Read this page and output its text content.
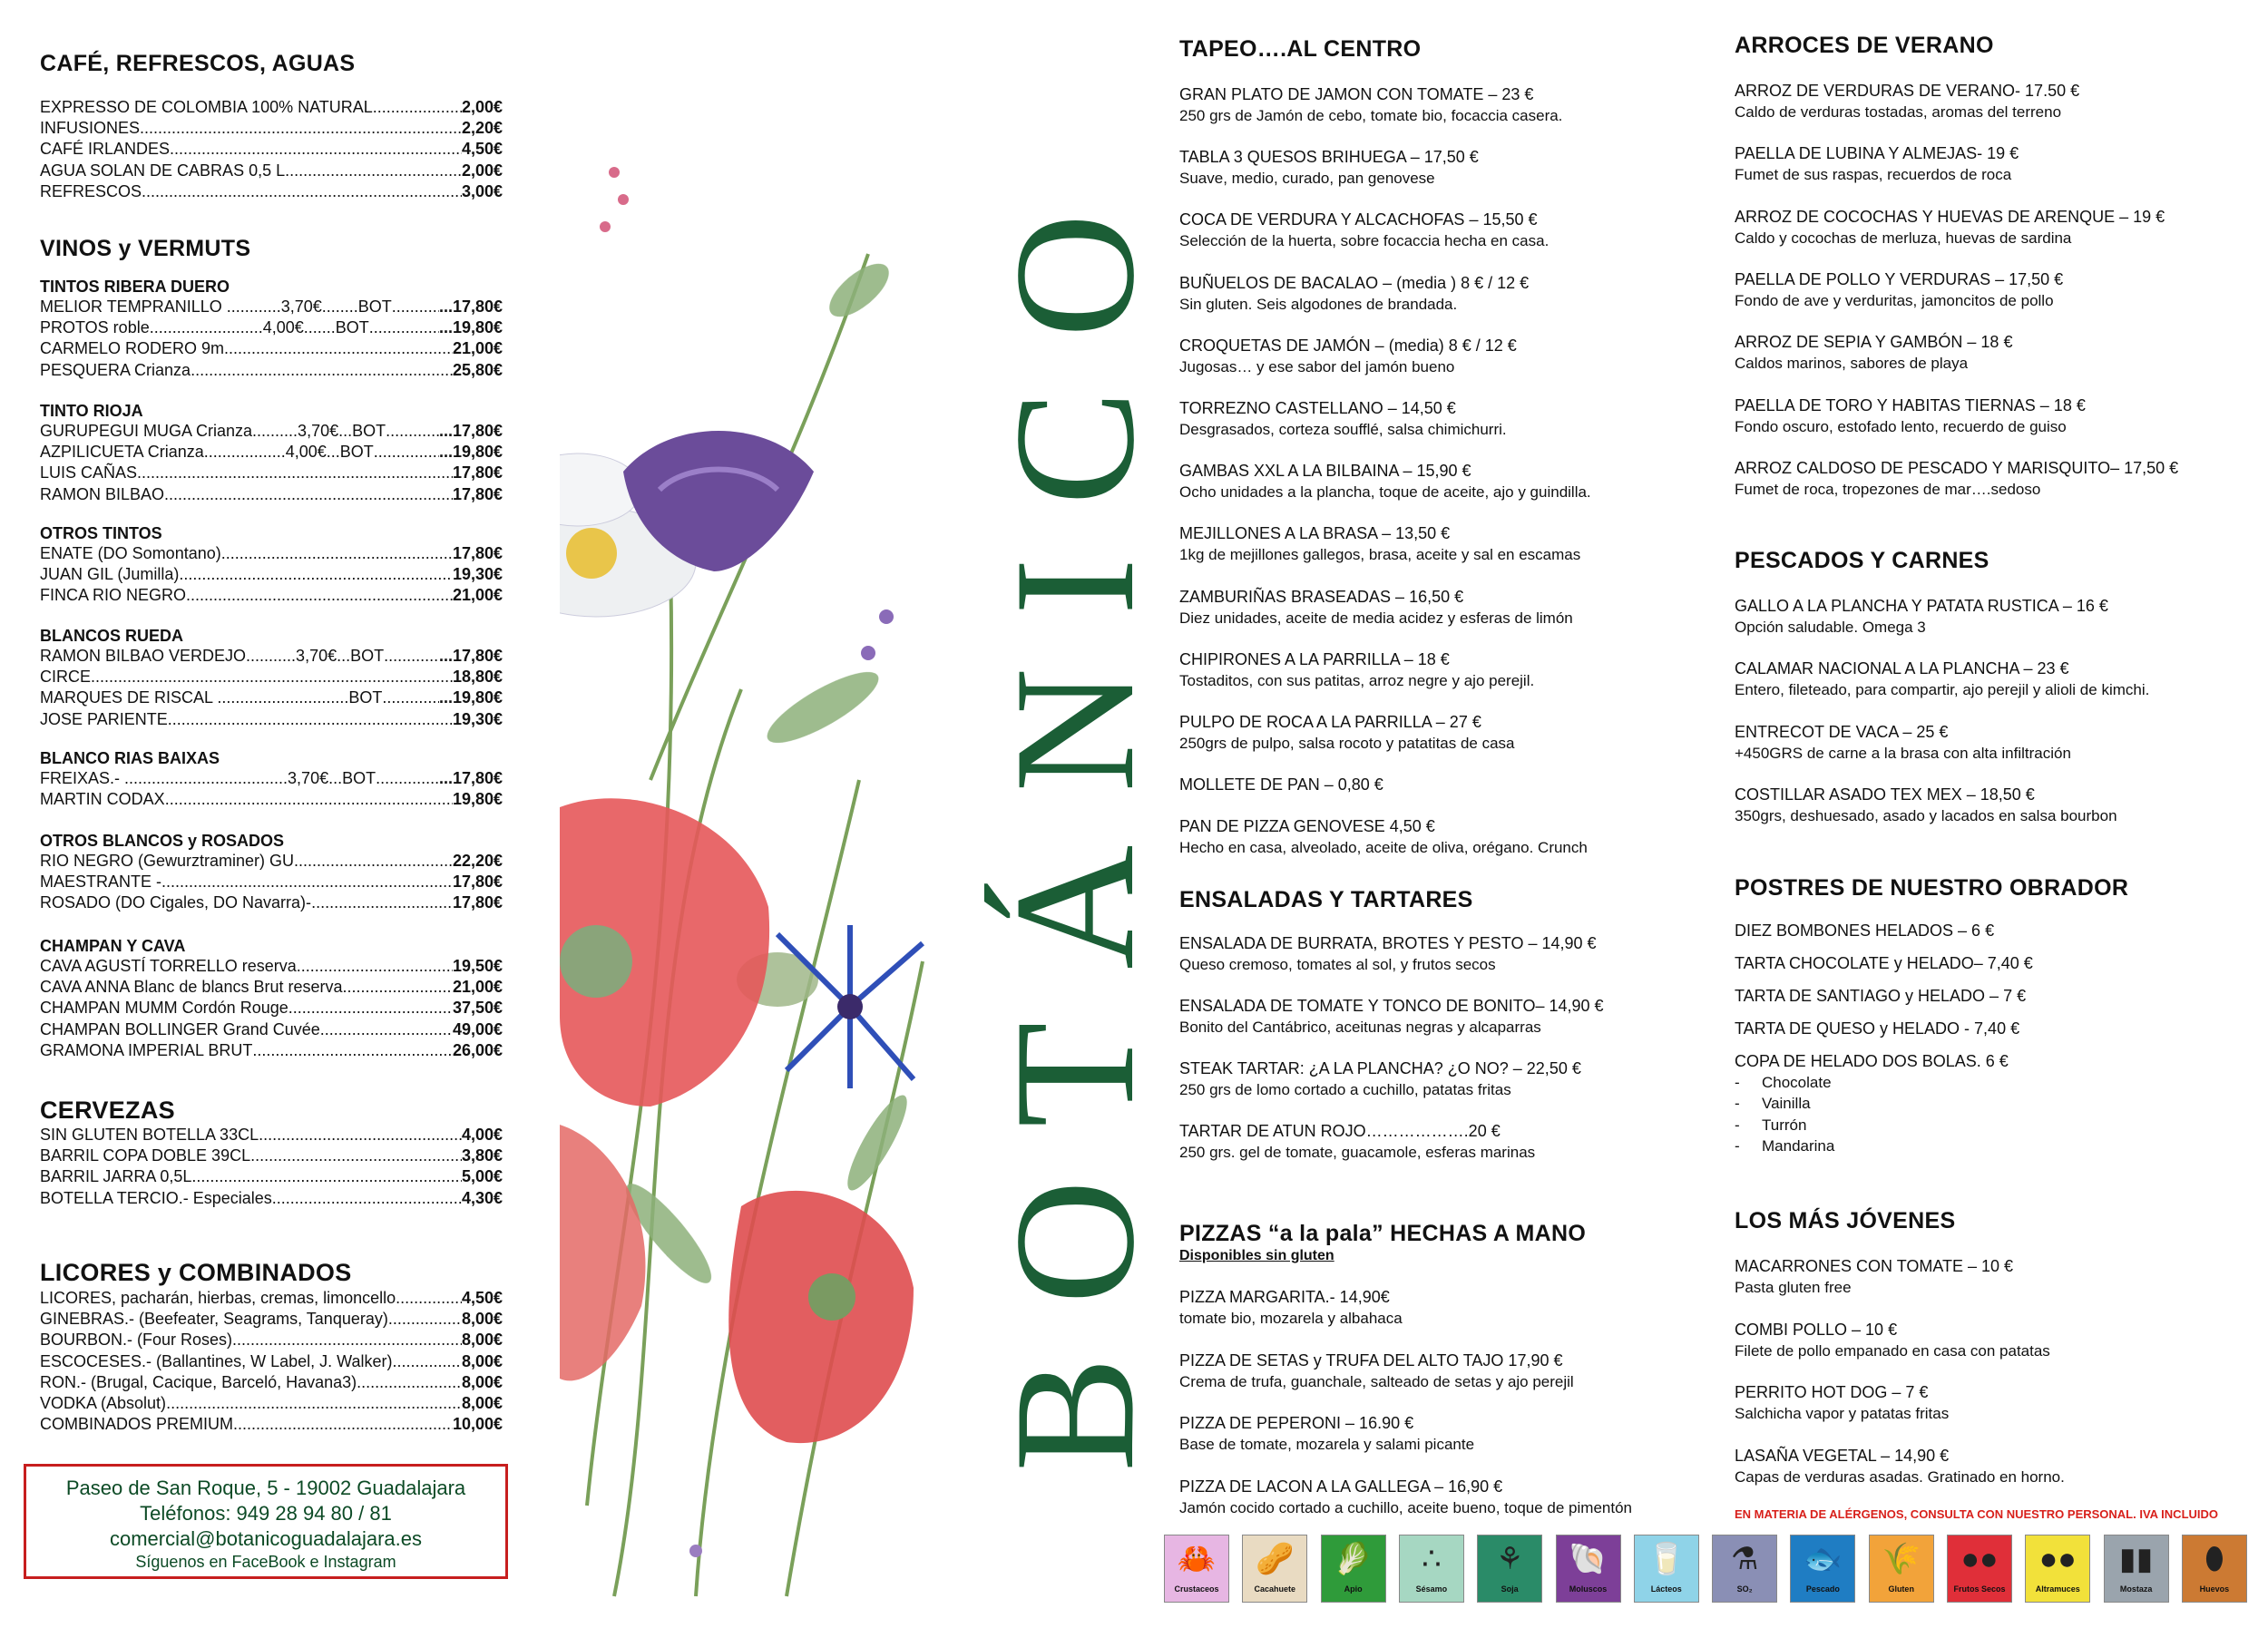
CAFÉ, REFRESCOS, AGUAS
EXPRESSO DE COLOMBIA 100% NATURAL .....	2,00€
INFUSIONES .....	2,20€
CAFÉ IRLANDES .....	4,50€
AGUA SOLAN DE CABRAS 0,5 L .....	2,00€
REFRESCOS .....	3,00€
VINOS y VERMUTS
TINTOS RIBERA DUERO
MELIOR TEMPRANILLO ............3,70€........BOT .....	...17,80€
PROTOS roble.........................4,00€.......BOT .....	...19,80€
CARMELO RODERO 9m .....	21,00€
PESQUERA Crianza .....	25,80€
TINTO RIOJA
GURUPEGUI MUGA Crianza..........3,70€...BOT .....	...17,80€
AZPILICUETA Crianza..................4,00€...BOT .....	...19,80€
LUIS CAÑAS .....	17,80€
RAMON BILBAO .....	17,80€
OTROS TINTOS
ENATE (DO Somontano) .....	17,80€
JUAN GIL (Jumilla) .....	19,30€
FINCA RIO NEGRO .....	21,00€
BLANCOS RUEDA
RAMON BILBAO VERDEJO...........3,70€...BOT .....	...17,80€
CIRCE .....	18,80€
MARQUES DE RISCAL .............................BOT .....	...19,80€
JOSE PARIENTE .....	19,30€
BLANCO RIAS BAIXAS
FREIXAS.- ....................................3,70€...BOT .....	...17,80€
MARTIN CODAX .....	19,80€
OTROS BLANCOS y ROSADOS
RIO NEGRO (Gewurztraminer) GU .....	22,20€
MAESTRANTE - .....	17,80€
ROSADO (DO Cigales, DO Navarra)- .....	17,80€
CHAMPAN Y CAVA
CAVA AGUSTÍ TORRELLO reserva .....	19,50€
CAVA ANNA Blanc de blancs Brut reserva .....	21,00€
CHAMPAN MUMM Cordón Rouge .....	37,50€
CHAMPAN BOLLINGER Grand Cuvée .....	49,00€
GRAMONA IMPERIAL BRUT .....	26,00€
CERVEZAS
SIN GLUTEN BOTELLA 33CL .....	4,00€
BARRIL COPA DOBLE 39CL .....	3,80€
BARRIL JARRA 0,5L .....	5,00€
BOTELLA TERCIO.- Especiales .....	4,30€
LICORES y COMBINADOS
LICORES, pacharán, hierbas, cremas, limoncello .....	4,50€
GINEBRAS.- (Beefeater, Seagrams, Tanqueray) .....	8,00€
BOURBON.- (Four Roses) .....	8,00€
ESCOCESES.- (Ballantines, W Label, J. Walker) .....	8,00€
RON.- (Brugal, Cacique, Barceló, Havana3) .....	8,00€
VODKA (Absolut) .....	8,00€
COMBINADOS PREMIUM .....	10,00€
Paseo de San Roque, 5 - 19002 Guadalajara
Teléfonos: 949 28 94 80 / 81
comercial@botanicoguadalajara.es
Síguenos en FaceBook e Instagram
BOTÁNICO
TAPEO….AL CENTRO
GRAN PLATO DE JAMON CON TOMATE – 23 €
250 grs de Jamón de cebo, tomate bio, focaccia casera.
TABLA 3 QUESOS BRIHUEGA – 17,50 €
Suave, medio, curado, pan genovese
COCA DE VERDURA Y ALCACHOFAS – 15,50 €
Selección de la huerta, sobre focaccia hecha en casa.
BUÑUELOS DE BACALAO – (media ) 8 € / 12 €
Sin gluten. Seis algodones de brandada.
CROQUETAS DE JAMÓN – (media) 8 € / 12 €
Jugosas… y ese sabor del jamón bueno
TORREZNO CASTELLANO – 14,50 €
Desgrasados, corteza soufflé, salsa chimichurri.
GAMBAS XXL A LA BILBAINA – 15,90 €
Ocho unidades a la plancha, toque de aceite, ajo y guindilla.
MEJILLONES A LA BRASA – 13,50 €
1kg de mejillones gallegos, brasa, aceite y sal en escamas
ZAMBURIÑAS BRASEADAS – 16,50 €
Diez unidades, aceite de media acidez y esferas de limón
CHIPIRONES A LA PARRILLA – 18 €
Tostaditos, con sus patitas, arroz negre y ajo perejil.
PULPO DE ROCA A LA PARRILLA – 27 €
250grs de pulpo, salsa rocoto y patatitas de casa
MOLLETE DE PAN – 0,80 €
PAN DE PIZZA GENOVESE 4,50 €
Hecho en casa, alveolado, aceite de oliva, orégano. Crunch
ENSALADAS Y TARTARES
ENSALADA DE BURRATA, BROTES Y PESTO – 14,90 €
Queso cremoso, tomates al sol, y frutos secos
ENSALADA DE TOMATE Y TONCO DE BONITO– 14,90 €
Bonito del Cantábrico, aceitunas negras y alcaparras
STEAK TARTAR: ¿A LA PLANCHA? ¿O NO? – 22,50 €
250 grs de lomo cortado a cuchillo, patatas fritas
TARTAR DE ATUN ROJO……………….20 €
250 grs. gel de tomate, guacamole, esferas marinas
PIZZAS “a la pala” HECHAS A MANO
Disponibles sin gluten
PIZZA MARGARITA.- 14,90€
tomate bio, mozarela y albahaca
PIZZA DE SETAS y TRUFA DEL ALTO TAJO 17,90 €
Crema de trufa, guanchale, salteado de setas y ajo perejil
PIZZA DE PEPERONI – 16.90 €
Base de tomate, mozarela y salami picante
PIZZA DE LACON A LA GALLEGA – 16,90 €
Jamón cocido cortado a cuchillo, aceite bueno, toque de pimentón
ARROCES DE VERANO
ARROZ DE VERDURAS DE VERANO- 17.50 €
Caldo de verduras tostadas, aromas del terreno
PAELLA DE LUBINA Y ALMEJAS- 19 €
Fumet de sus raspas, recuerdos de roca
ARROZ DE COCOCHAS Y HUEVAS DE ARENQUE – 19 €
Caldo y cocochas de merluza, huevas de sardina
PAELLA DE POLLO Y VERDURAS – 17,50 €
Fondo de ave y verduritas, jamoncitos de pollo
ARROZ DE SEPIA Y GAMBÓN – 18 €
Caldos marinos, sabores de playa
PAELLA DE TORO Y HABITAS TIERNAS – 18 €
Fondo oscuro, estofado lento, recuerdo de guiso
ARROZ CALDOSO DE PESCADO Y MARISQUITO– 17,50 €
Fumet de roca, tropezones de mar….sedoso
PESCADOS Y CARNES
GALLO A LA PLANCHA Y PATATA RUSTICA – 16 €
Opción saludable. Omega 3
CALAMAR NACIONAL A LA PLANCHA – 23 €
Entero, fileteado, para compartir, ajo perejil y alioli de kimchi.
ENTRECOT DE VACA – 25 €
+450GRS de carne a la brasa con alta infiltración
COSTILLAR ASADO TEX MEX – 18,50 €
350grs, deshuesado, asado y lacados en salsa bourbon
POSTRES DE NUESTRO OBRADOR
DIEZ BOMBONES HELADOS – 6 €
TARTA CHOCOLATE y HELADO– 7,40 €
TARTA DE SANTIAGO y HELADO – 7 €
TARTA DE QUESO y HELADO - 7,40 €
COPA DE HELADO DOS BOLAS. 6 €
- Chocolate
- Vainilla
- Turrón
- Mandarina
LOS MÁS JÓVENES
MACARRONES CON TOMATE – 10 €
Pasta gluten free
COMBI POLLO – 10 €
Filete de pollo empanado en casa con patatas
PERRITO HOT DOG – 7 €
Salchicha vapor y patatas fritas
LASAÑA VEGETAL – 14,90 €
Capas de verduras asadas. Gratinado en horno.
EN MATERIA DE ALÉRGENOS, CONSULTA CON NUESTRO PERSONAL. IVA INCLUIDO
🦀
Crustaceos
🥜
Cacahuete
🥬
Apio
∴
Sésamo
⚘
Soja
🐚
Moluscos
🥛
Lácteos
⚗
SO₂
🐟
Pescado
🌾
Gluten
●●
Frutos Secos
●●
Altramuces
▮▮
Mostaza
⬮
Huevos
